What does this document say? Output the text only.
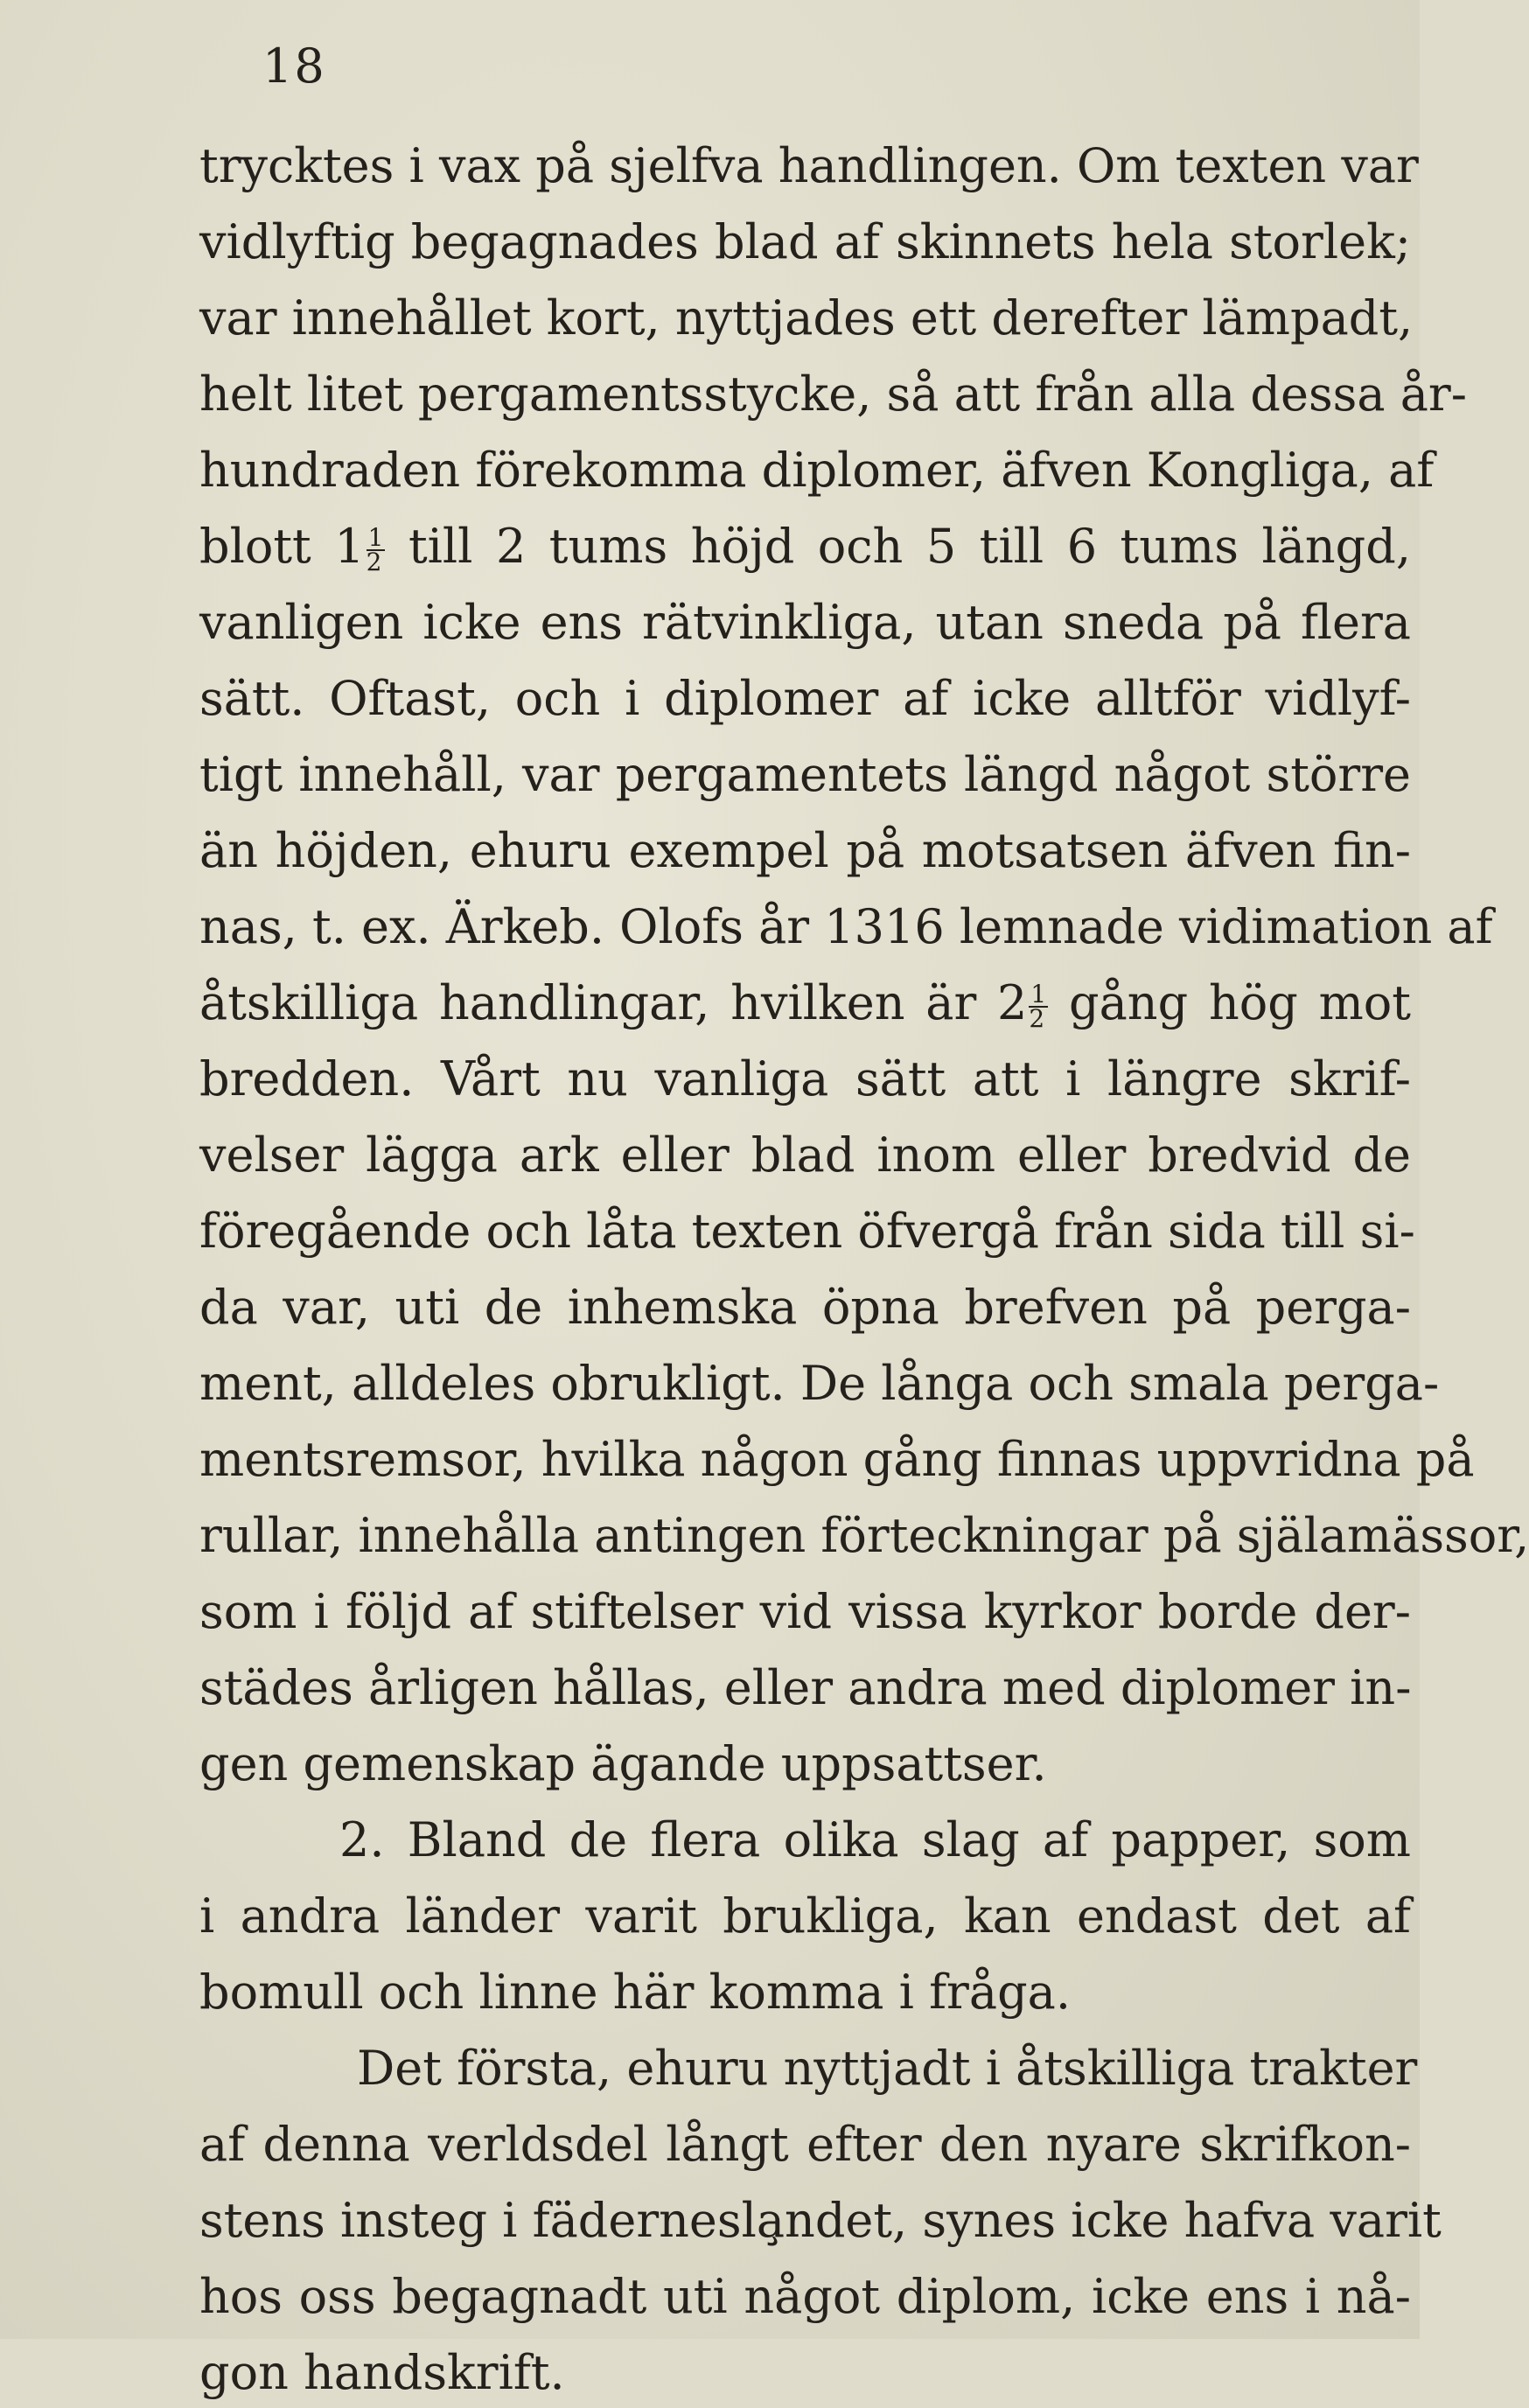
18
trycktes i vax på sjelfva handlingen. Om texten var
vidlyftig begagnades blad af skinnets hela storlek;
var innehållet kort, nyttjades ett derefter lämpadt,
helt litet pergamentsstycke, så att från alla dessa år-
hundraden förekomma diplomer, äfven Kongliga, af
blott $1 \frac{1}{2}$ till 2 tums höjd och 5 till 6 tums längd,
vanligen icke ens rätvinkliga, utan sneda på flera
sätt. Oftast, och i diplomer af icke alltför vidlyf-
tigt innehåll, var pergamentets längd något större
än höjden, ehuru exempel på motsatsen äfven fin-
nas, t. ex. Ärkeb. Olofs år 1316 lemnade vidimation af
åtskilliga handlingar, hvilken är $2 \frac{1}{2}$ gång hög mot
bredden. Vårt nu vanliga sätt att i längre skrif-
velser lägga ark eller blad inom eller bredvid de
föregående och låta texten öfvergå från sida till si-
da var, uti de inhemska öpna brefven på perga-
ment, alldeles obrukligt. De långa och smala perga-
mentsremsor, hvilka någon gång finnas uppvridna på
rullar, innehålla antingen förteckningar på själamässor,
som i följd af stiftelser vid vissa kyrkor borde der-
städes årligen hållas, eller andra med diplomer in-
gen gemenskap ägande uppsattser.
2. Bland de flera olika slag af papper, som
i andra länder varit brukliga, kan endast det af
bomull och linne här komma i fråga.
Det första, ehuru nyttjadt i åtskilliga trakter
af denna verldsdel långt efter den nyare skrifkon-
stens insteg i fädernesla̧ndet, synes icke hafva varit
hos oss begagnadt uti något diplom, icke ens i nå-
gon handskrift.
